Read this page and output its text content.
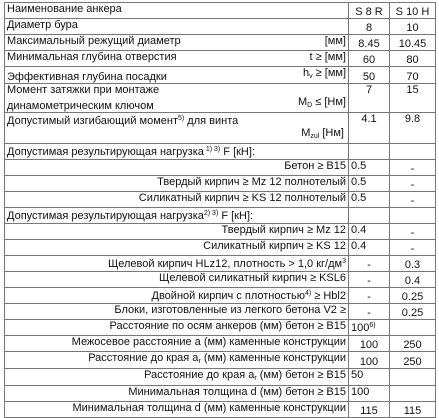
Наименование анкера	S 8 R	S 10 H
Диаметр бура	8	10

Максимальный режущий диаметр [мм]	8.45	10.45

Минимальная глубина отверстия t ≥ [мм]	60	80

Эффективная глубина посадки $h_v \ge [мм]$	50	70

Момент затяжки при монтаже
динамометрическим ключом $M_D \le [Нм]$	7	15

Допустимый изгибающий момент$^{5)}$ для винта
$M_{zul}$ [Нм]	4.1	9.8
Допустимая результирующая нагрузка $^{1) 3)}$ F [кН]:		
Бетон ≥ B15	0.5	-
Твердый кирпич ≥ Mz 12 полнотелый	0.5	-
Силикатный кирпич ≥ KS 12 полнотелый	0.5	-
Допустимая результирующая нагрузка$^{2) 3)}$ F [кН]:		
Твердый кирпич ≥ Mz 12	0.4	-
Силикатный кирпич ≥ KS 12	0.4	-
Щелевой кирпич HLz12, плотность > 1,0 $кг/дм^3$	-	0.3
Щелевой силикатный кирпич ≥ KSL6	-	0.4
Двойной кирпич с плотностью$^{4)}$ ≥ Hbl2	-	0.25
Блоки, изготовленные из легкого бетона V2 ≥	-	0.25
Расстояние по осям анкеров (мм) бетон ≥ B15	100$^{6)}$	
Межосевое расстояние a (мм) каменные конструкции	100	250
Расстояние до края $a_r$ (мм) каменные конструкции	100	250
Расстояние до края $a_r$ (мм) бетон ≥ B15	50	
Минимальная толщина d (мм) бетон ≥ B15	100	
Минимальная толщина d (мм) каменные конструкции	115	115
